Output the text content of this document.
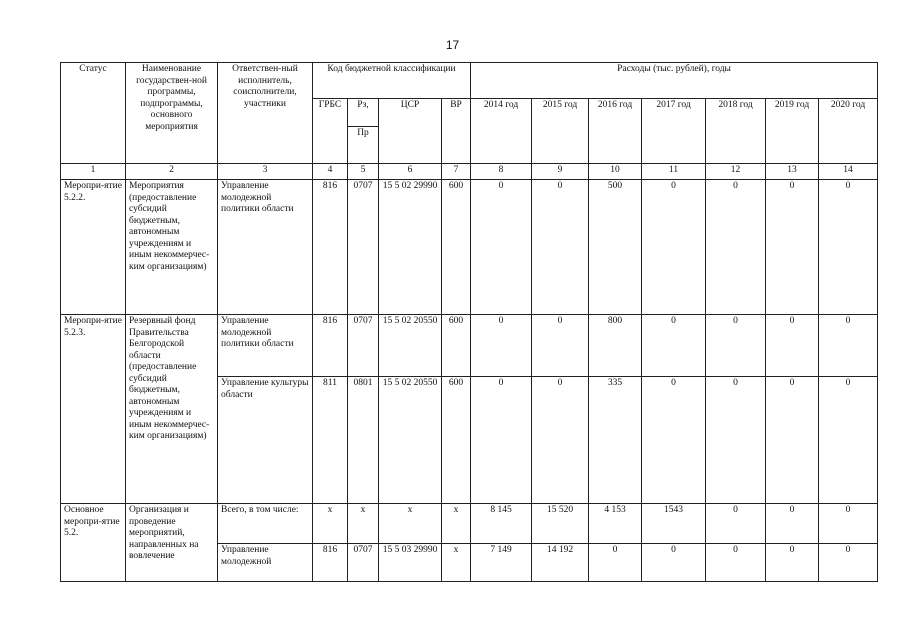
17
Статус	Наименование государствен-ной программы, подпрограммы, основного мероприятия	Ответствен-ный исполнитель, соисполнители, участники	Код бюджетной классификации				Расходы (тыс. рублей), годы						
			ГРБС	Рз,	ЦСР	ВР	2014 год	2015 год	2016 год	2017 год	2018 год	2019 год	2020 год
				Пр									
1	2	3	4	5	6	7	8	9	10	11	12	13	14
Меропри-ятие 5.2.2.	Мероприятия (предоставление субсидий бюджетным, автономным учреждениям и иным некоммерчес-ким организациям)	Управление молодежной политики области	816	0707	15 5 02 29990	600	0	0	500	0	0	0	0
Меропри-ятие 5.2.3.	Резервный фонд Правительства Белгородской области (предоставление субсидий бюджетным, автономным учреждениям и иным некоммерчес-ким организациям)	Управление молодежной политики области	816	0707	15 5 02 20550	600	0	0	800	0	0	0	0
		Управление культуры области	811	0801	15 5 02 20550	600	0	0	335	0	0	0	0
Основное меропри-ятие 5.2.	Организация и проведение мероприятий, направленных на вовлечение	Всего, в том числе:	х	х	х	х	8 145	15 520	4 153	1543	0	0	0
		Управление молодежной	816	0707	15 5 03 29990	х	7 149	14 192	0	0	0	0	0
